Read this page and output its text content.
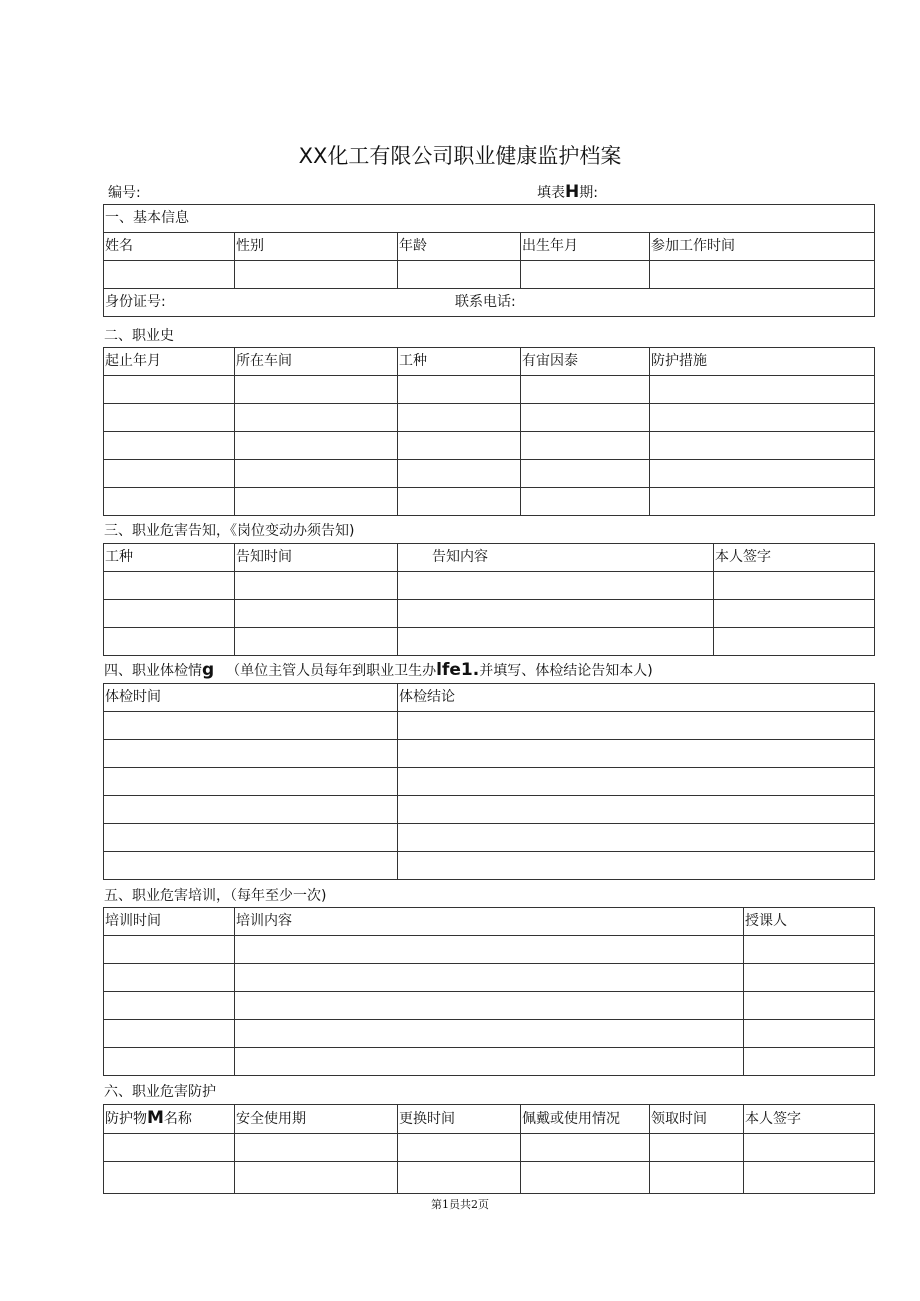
XX化工有限公司职业健康监护档案
编号:	填表H期:
一、基本信息				
姓名	性别	年龄	出生年月	参加工作时间

身份证号: 联系电话:				
二、职业史
起止年月	所在车间	工种	有宙因泰	防护措施

三、职业危害告知，《岗位变动办须告知)
工种	告知时间	告知内容	本人签字

四、职业体检情g （单位主管人员每年到职业卫生办lfe1.并填写、体检结论告知本人)
体检时间	体检结论

五、职业危害培训，（每年至少一次)
培训时间	培训内容	授课人

六、职业危害防护
防护物M名称	安全使用期	更换时间	佩戴或使用情况	领取时间	本人签字

第1员共2页
